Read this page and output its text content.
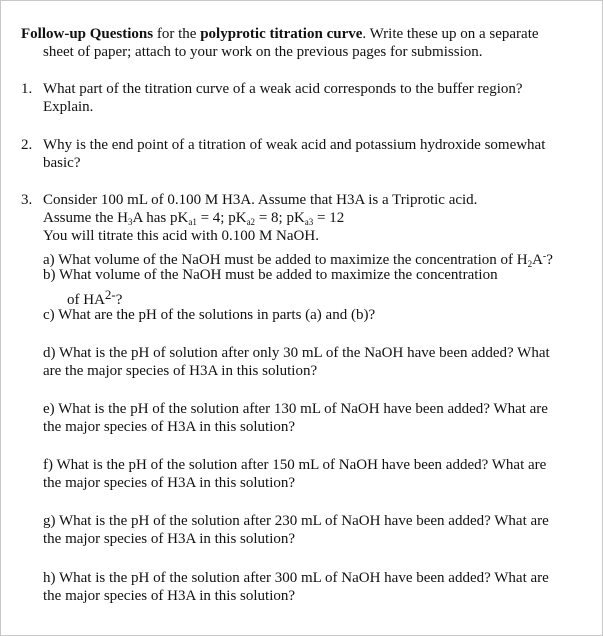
Follow-up Questions for the polyprotic titration curve. Write these up on a separate
sheet of paper; attach to your work on the previous pages for submission.
1. What part of the titration curve of a weak acid corresponds to the buffer region?
Explain.
2. Why is the end point of a titration of weak acid and potassium hydroxide somewhat
basic?
3. Consider 100 mL of 0.100 M H3A. Assume that H3A is a Triprotic acid.
Assume the $H_3A$ has $pK_{a1} = 4$; $pK_{a2} = 8$; $pK_{a3} = 12$
You will titrate this acid with 0.100 M NaOH.
a) What volume of the NaOH must be added to maximize the concentration of $H_2A^-$?
b) What volume of the NaOH must be added to maximize the concentration
of HA2-?
c) What are the pH of the solutions in parts (a) and (b)?
d) What is the pH of solution after only 30 mL of the NaOH have been added? What
are the major species of H3A in this solution?
e) What is the pH of the solution after 130 mL of NaOH have been added? What are
the major species of H3A in this solution?
f) What is the pH of the solution after 150 mL of NaOH have been added? What are
the major species of H3A in this solution?
g) What is the pH of the solution after 230 mL of NaOH have been added? What are
the major species of H3A in this solution?
h) What is the pH of the solution after 300 mL of NaOH have been added? What are
the major species of H3A in this solution?
